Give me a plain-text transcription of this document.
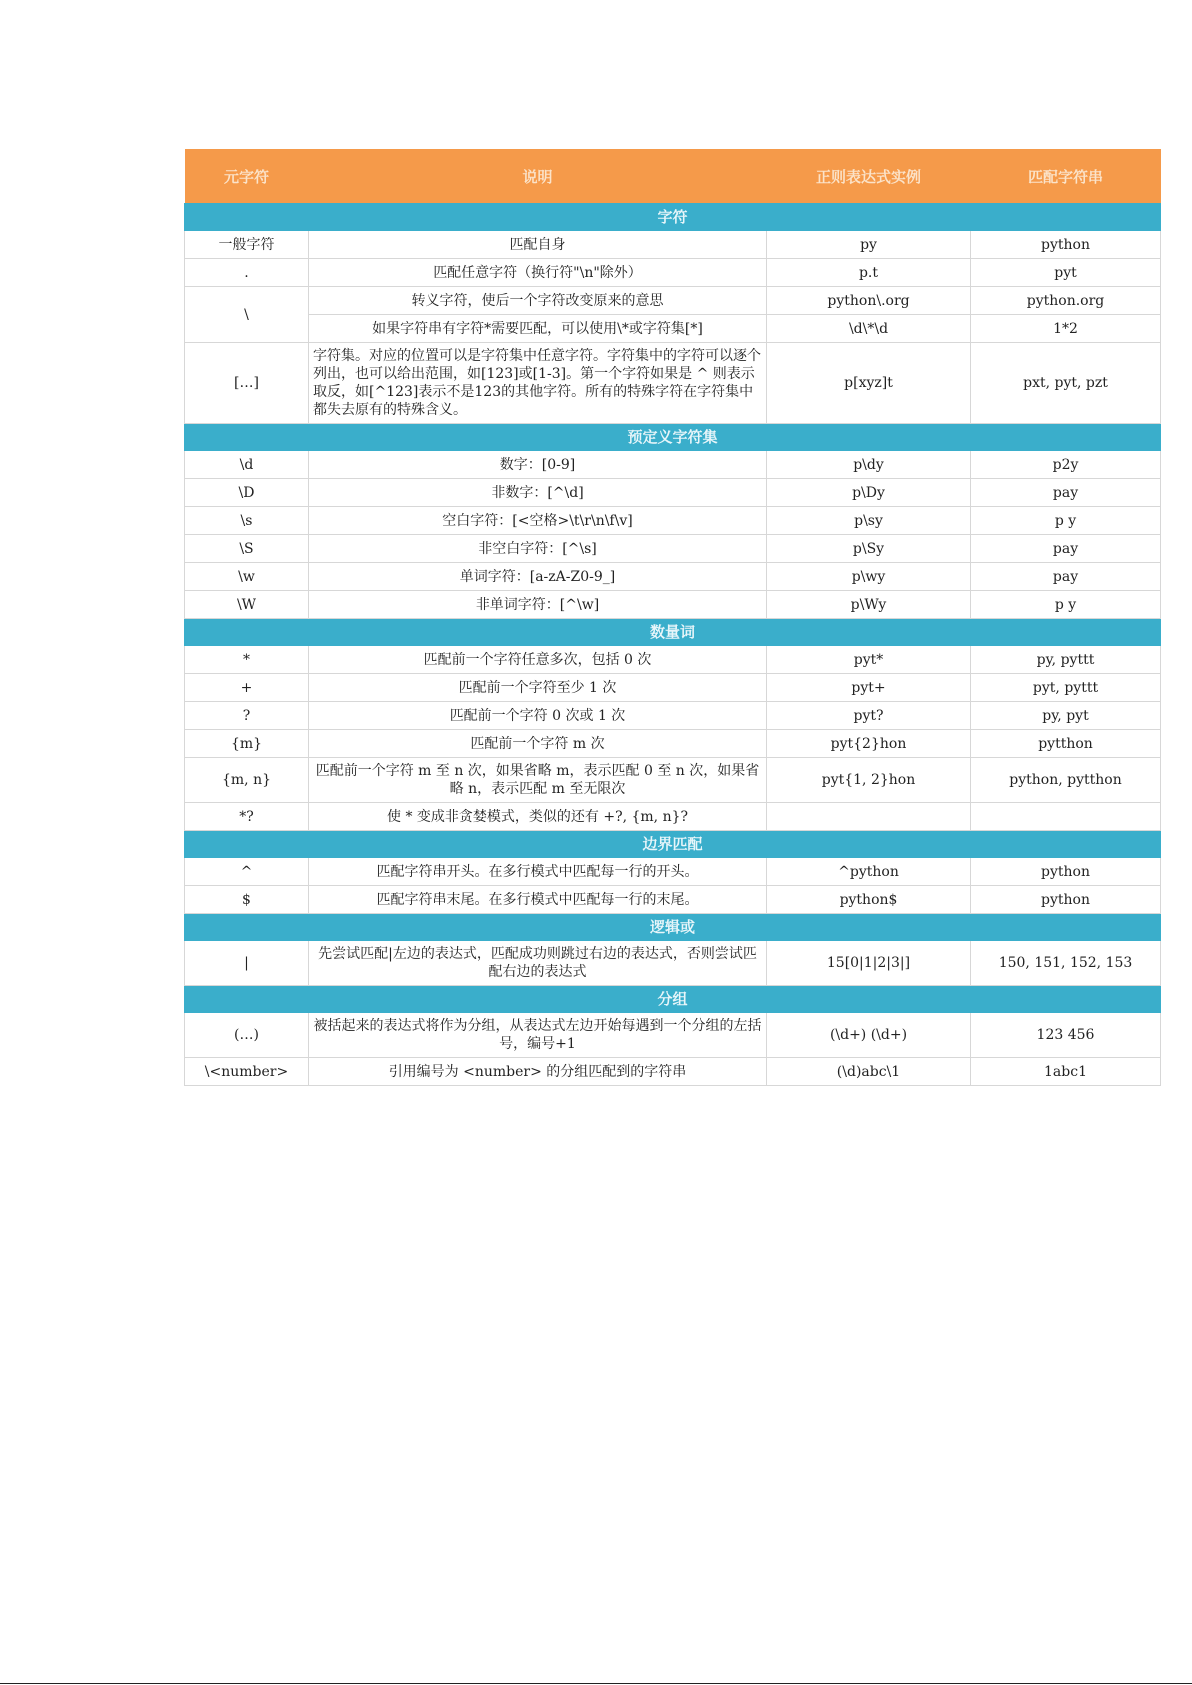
元字符	说明	正则表达式实例	匹配字符串
字符			
一般字符	匹配自身	py	python
.	匹配任意字符（换行符"\n"除外）	p.t	pyt
\	转义字符，使后一个字符改变原来的意思	python\.org	python.org
	如果字符串有字符*需要匹配，可以使用\*或字符集[*]	\d\*\d	1*2
[…]	字符集。对应的位置可以是字符集中任意字符。字符集中的字符可以逐个列出，也可以给出范围，如[123]或[1-3]。第一个字符如果是 ^ 则表示取反，如[^123]表示不是123的其他字符。所有的特殊字符在字符集中都失去原有的特殊含义。	p[xyz]t	pxt, pyt, pzt
预定义字符集			
\d	数字：[0-9]	p\dy	p2y
\D	非数字：[^\d]	p\Dy	pay
\s	空白字符：[<空格>\t\r\n\f\v]	p\sy	p y
\S	非空白字符：[^\s]	p\Sy	pay
\w	单词字符：[a-zA-Z0-9_]	p\wy	pay
\W	非单词字符：[^\w]	p\Wy	p y
数量词			
*	匹配前一个字符任意多次，包括 0 次	pyt*	py, pyttt
+	匹配前一个字符至少 1 次	pyt+	pyt, pyttt
?	匹配前一个字符 0 次或 1 次	pyt?	py, pyt
{m}	匹配前一个字符 m 次	pyt{2}hon	pytthon
{m, n}	匹配前一个字符 m 至 n 次，如果省略 m，表示匹配 0 至 n 次，如果省略 n，表示匹配 m 至无限次	pyt{1, 2}hon	python, pytthon
*?	使 * 变成非贪婪模式，类似的还有 +?, {m, n}?		
边界匹配			
^	匹配字符串开头。在多行模式中匹配每一行的开头。	^python	python
$	匹配字符串末尾。在多行模式中匹配每一行的末尾。	python$	python
逻辑或			
|	先尝试匹配|左边的表达式，匹配成功则跳过右边的表达式，否则尝试匹配右边的表达式	15[0|1|2|3|]	150, 151, 152, 153
分组			
(…)	被括起来的表达式将作为分组，从表达式左边开始每遇到一个分组的左括号，编号+1	(\d+) (\d+)	123 456
\<number>	引用编号为 <number> 的分组匹配到的字符串	(\d)abc\1	1abc1
